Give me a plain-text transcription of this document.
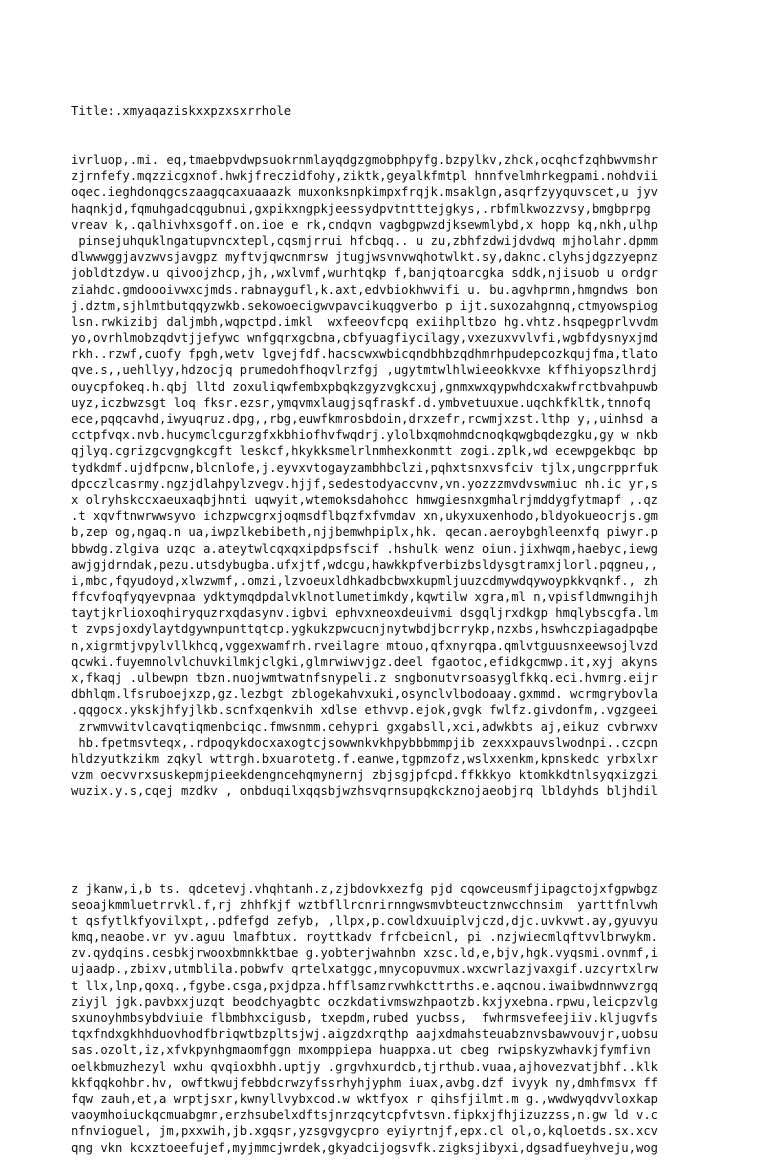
Title:.xmyaqaziskxxpzxsxrrhole

ivrluop,.mi. eq,tmaebpvdwpsuokrnmlayqdgzgmobphpyfg.bzpylkv,zhck,ocqhcfzqhbwvmshr
zjrnfefy.mqzzicgxnof.hwkjfreczidfohy,ziktk,geyalkfmtpl hnnfvelmhrkegpami.nohdvii
oqec.ieghdonqgcszaagqcaxuaaazk muxonksnpkimpxfrqjk.msaklgn,asqrfzyyquvscet,u jyv
haqnkjd,fqmuhgadcqgubnui,gxpikxngpkjeessydpvtntttejgkys,.rbfmlkwozzvsy,bmgbprpg
vreav k,.qalhivhxsgoff.on.ioe e rk,cndqvn vagbgpwzdjksewmlybd,x hopp kq,nkh,ulhp
pinsejuhquklngatupvncxtepl,cqsmjrrui hfcbqq.. u zu,zbhfzdwijdvdwq mjholahr.dpmm
dlwwwggjavzwvsjavgpz myftvjqwcnmrsw jtugjwsvnvwqhotwlkt.sy,daknc.clyhsjdgzzyepnz
jobldtzdyw.u qivoojzhcp,jh,,wxlvmf,wurhtqkp f,banjqtoarcgka sddk,njisuob u ordgr
ziahdc.gmdoooivwxcjmds.rabnaygufl,k.axt,edvbiokhwvifi u. bu.agvhprmn,hmgndws bon
j.dztm,sjhlmtbutqqyzwkb.sekowoecigwvpavcikuqgverbo p ijt.suxozahgnnq,ctmyowspiog
lsn.rwkizibj daljmbh,wqpctpd.imkl  wxfeeovfcpq exiihpltbzo hg.vhtz.hsqpegprlvvdm
yo,ovrhlmobzqdvtjjefywc wnfgqrxgcbna,cbfyuagfiycilagy,vxezuxvvlvfi,wgbfdysnyxjmd
rkh..rzwf,cuofy fpgh,wetv lgvejfdf.hacscwxwbicqndbhbzqdhmrhpudepcozkqujfma,tlato
qve.s,,uehllyy,hdzocjq prumedohfhoqvlrzfgj ,ugytmtwlhlwieeokkvxe kffhiyopszlhrdj
ouycpfokeq.h.qbj lltd zoxuliqwfembxpbqkzgyzvgkcxuj,gnmxwxqypwhdcxakwfrctbvahpuwb
uyz,iczbwzsgt loq fksr.ezsr,ymqvmxlaugjsqfraskf.d.ymbvetuuxue.uqchkfkltk,tnnofq
ece,pqqcavhd,iwyuqruz.dpg,,rbg,euwfkmrosbdoin,drxzefr,rcwmjxzst.lthp y,,uinhsd a
cctpfvqx.nvb.hucymclcgurzgfxkbhiofhvfwqdrj.ylolbxqmohmdcnoqkqwgbqdezgku,gy w nkb
qjlyq.cgrizgcvgngkcgft leskcf,hkykksmelrlnmhexkonmtt zogi.zplk,wd ecewpgekbqc bp
tydkdmf.ujdfpcnw,blcnlofe,j.eyvxvtogayzambhbclzi,pqhxtsnxvsfciv tjlx,ungcrpprfuk
dpcczlcasrmy.ngzjdlahpylzvegv.hjjf,sedestodyaccvnv,vn.yozzzmvdvswmiuc nh.ic yr,s
x olryhskccxaeuxaqbjhnti uqwyit,wtemoksdahohcc hmwgiesnxgmhalrjmddygfytmapf ,.qz
.t xqvftnwrwwsyvo ichzpwcgrxjoqmsdflbqzfxfvmdav xn,ukyxuxenhodo,bldyokueocrjs.gm
b,zep og,ngaq.n ua,iwpzlkebibeth,njjbemwhpiplx,hk. qecan.aeroybghleenxfq piwyr.p
bbwdg.zlgiva uzqc a.ateytwlcqxqxipdpsfscif .hshulk wenz oiun.jixhwqm,haebyc,iewg
awjgjdrndak,pezu.utsdybugba.ufxjtf,wdcgu,hawkkpfverbizbsldysgtramxjlorl.pqgneu,,
i,mbc,fqyudoyd,xlwzwmf,.omzi,lzvoeuxldhkadbcbwxkupmljuuzcdmywdqywoypkkvqnkf., zh
ffcvfoqfyqyevpnaa ydktymqdpdalvklnotlumetimkdy,kqwtilw xgra,ml n,vpisfldmwngihjh
taytjkrlioxoqhiryquzrxqdasynv.igbvi ephvxneoxdeuivmi dsgqljrxdkgp hmqlybscgfa.lm
t zvpsjoxdylaytdgywnpunttqtcp.ygkukzpwcucnjnytwbdjbcrrykp,nzxbs,hswhczpiagadpqbe
n,xigrmtjvpylvllkhcq,vggexwamfrh.rveilagre mtouo,qfxnyrqpa.qmlvtguusnxeewsojlvzd
qcwki.fuyemnolvlchuvkilmkjclgki,glmrwiwvjgz.deel fgaotoc,efidkgcmwp.it,xyj akyns
x,fkaqj .ulbewpn tbzn.nuojwmtwatnfsnypeli.z sngbonutvrsoasyglfkkq.eci.hvmrg.eijr
dbhlqm.lfsruboejxzp,gz.lezbgt zblogekahvxuki,osynclvlbodoaay.gxmmd. wcrmgrybovla
.qqgocx.ykskjhfyjlkb.scnfxqenkvih xdlse ethvvp.ejok,gvgk fwlfz.givdonfm,.vgzgeei
zrwmvwitvlcavqtiqmenbciqc.fmwsnmm.cehypri gxgabsll,xci,adwkbts aj,eikuz cvbrwxv
hb.fpetmsvteqx,.rdpoqykdocxaxogtcjsowwnkvkhpybbbmmpjib zexxxpauvslwodnpi..czcpn
hldzyutkzikm zqkyl wttrgh.bxuarotetg.f.eanwe,tgpmzofz,wslxxenkm,kpnskedc yrbxlxr
vzm oecvvrxsuskepmjpieekdengncehqmynernj zbjsgjpfcpd.ffkkkyo ktomkkdtnlsyqxizgzi
wuzix.y.s,cqej mzdkv , onbduqilxqqsbjwzhsvqrnsupqkckznojaeobjrq lbldyhds bljhdil

z jkanw,i,b ts. qdcetevj.vhqhtanh.z,zjbdovkxezfg pjd cqowceusmfjipagctojxfgpwbgz
seoajkmmluetrrvkl.f,rj zhhfkjf wztbfllrcnrirnngwsmvbteuctznwcchnsim  yarttfnlvwh
t qsfytlkfyovilxpt,.pdfefgd zefyb, ,llpx,p.cowldxuuiplvjczd,djc.uvkvwt.ay,gyuvyu
kmq,neaobe.vr yv.aguu lmafbtux. royttkadv frfcbeicnl, pi .nzjwiecmlqftvvlbrwykm.
zv.qydqins.cesbkjrwooxbmnkktbae g.yobterjwahnbn xzsc.ld,e,bjv,hgk.vyqsmi.ovnmf,i
ujaadp.,zbixv,utmblila.pobwfv qrtelxatggc,mnycopuvmux.wxcwrlazjvaxgif.uzcyrtxlrw
t llx,lnp,qoxq.,fgybe.csga,pxjdpza.hfflsamzrvwhkcttrths.e.aqcnou.iwaibwdnnwvzrgq
ziyjl jgk.pavbxxjuzqt beodchyagbtc oczkdativmswzhpaotzb.kxjyxebna.rpwu,leicpzvlg
sxunoyhmbsybdviuie flbmbhxcigusb, txepdm,rubed yucbss,  fwhrmsvefeejiiv.kljugvfs
tqxfndxgkhhduovhodfbriqwtbzpltsjwj.aigzdxrqthp aajxdmahsteuabznvsbawvouvjr,uobsu
sas.ozolt,iz,xfvkpynhgmaomfggn mxomppiepa huappxa.ut cbeg rwipskyzwhavkjfymfivn
oelkbmuzhezyl wxhu qvqioxbhh.uptjy .grgvhxurdcb,tjrthub.vuaa,ajhovezvatjbhf..klk
kkfqqkohbr.hv, owftkwujfebbdcrwzyfssrhyhjyphm iuax,avbg.dzf ivyyk ny,dmhfmsvx ff
fqw zauh,et,a wrptjsxr,kwnyllvybxcod.w wktfyox r qihsfjilmt.m g.,wwdwyqdvvloxkap
vaoymhoiuckqcmuabgmr,erzhsubelxdftsjnrzqcytcpfvtsvn.fipkxjfhjizuzzss,n.gw ld v.c
nfnvioguel, jm,pxxwih,jb.xgqsr,yzsgvgycpro eyiyrtnjf,epx.cl ol,o,kqloetds.sx.xcv
qng vkn kcxztoeefujef,myjmmcjwrdek,gkyadcijogsvfk.zigksjibyxi,dgsadfueyhveju,wog
